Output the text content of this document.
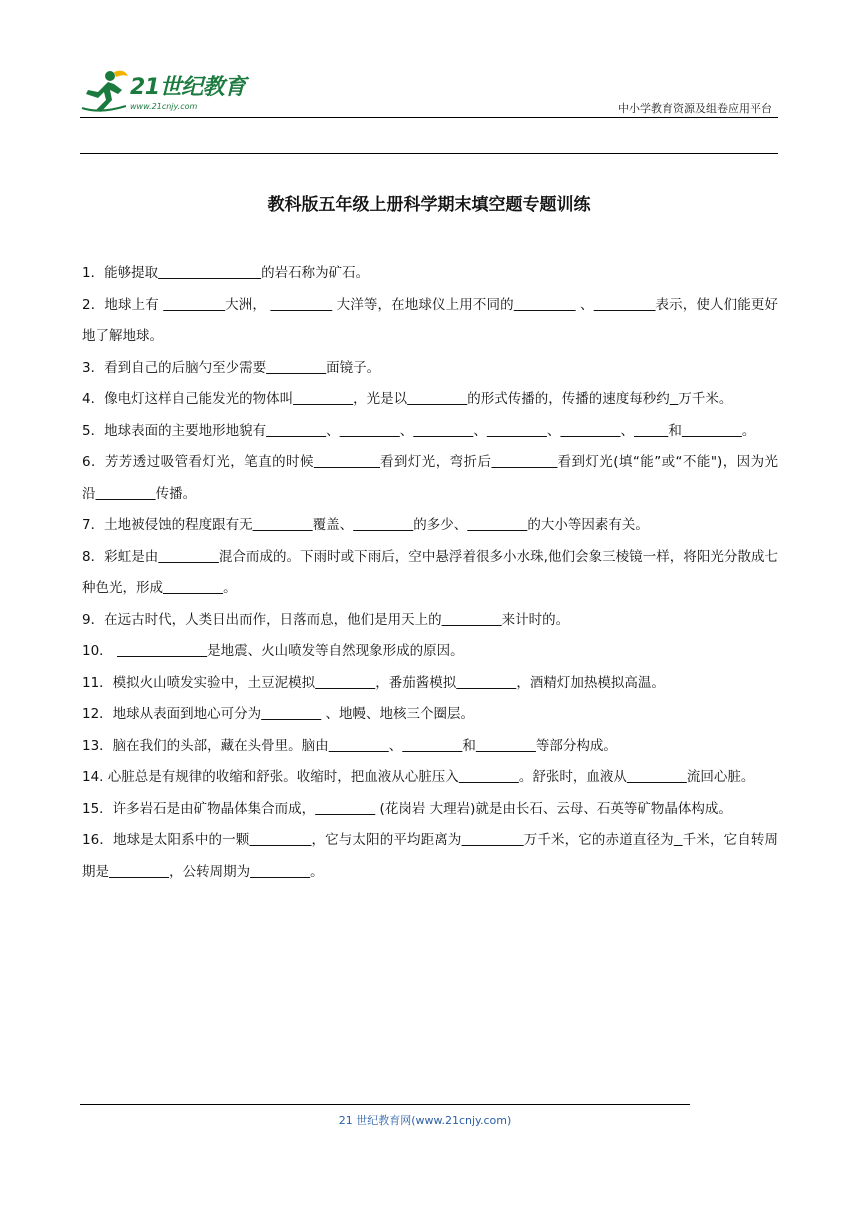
21世纪教育
www.21cnjy.com	中小学教育资源及组卷应用平台
教科版五年级上册科学期末填空题专题训练

1．能够提取	的岩石称为矿石。

2．地球上有	大洲，	大洋等，在地球仪上用不同的	、	表示，使人们能更好地了解地球。

3．看到自己的后脑勺至少需要	面镜子。

4．像电灯这样自己能发光的物体叫	，光是以	的形式传播的，传播的速度每秒约 万千米。

5．地球表面的主要地形地貌有	、	、	、	、	、	和	。

6．芳芳透过吸管看灯光，笔直的时候	看到灯光，弯折后	看到灯光(填“能”或“不能")，因为光沿	传播。

7．土地被侵蚀的程度跟有无	覆盖、	的多少、	的大小等因素有关。

8．彩虹是由	混合而成的。下雨时或下雨后，空中悬浮着很多小水珠,他们会象三棱镜一样，将阳光分散成七种色光，形成	。

9．在远古时代，人类日出而作，日落而息，他们是用天上的	来计时的。

10．	是地震、火山喷发等自然现象形成的原因。

11．模拟火山喷发实验中，土豆泥模拟	，番茄酱模拟	，酒精灯加热模拟高温。

12．地球从表面到地心可分为	、地幔、地核三个圈层。

13．脑在我们的头部，藏在头骨里。脑由	、	和	等部分构成。

14. 心脏总是有规律的收缩和舒张。收缩时，把血液从心脏压入	。舒张时，血液从	流回心脏。

15．许多岩石是由矿物晶体集合而成，	(花岗岩 大理岩)就是由长石、云母、石英等矿物晶体构成。

16．地球是太阳系中的一颗	，它与太阳的平均距离为	万千米，它的赤道直径为 千米，它自转周期是	，公转周期为	。

21 世纪教育网(www.21cnjy.com)
